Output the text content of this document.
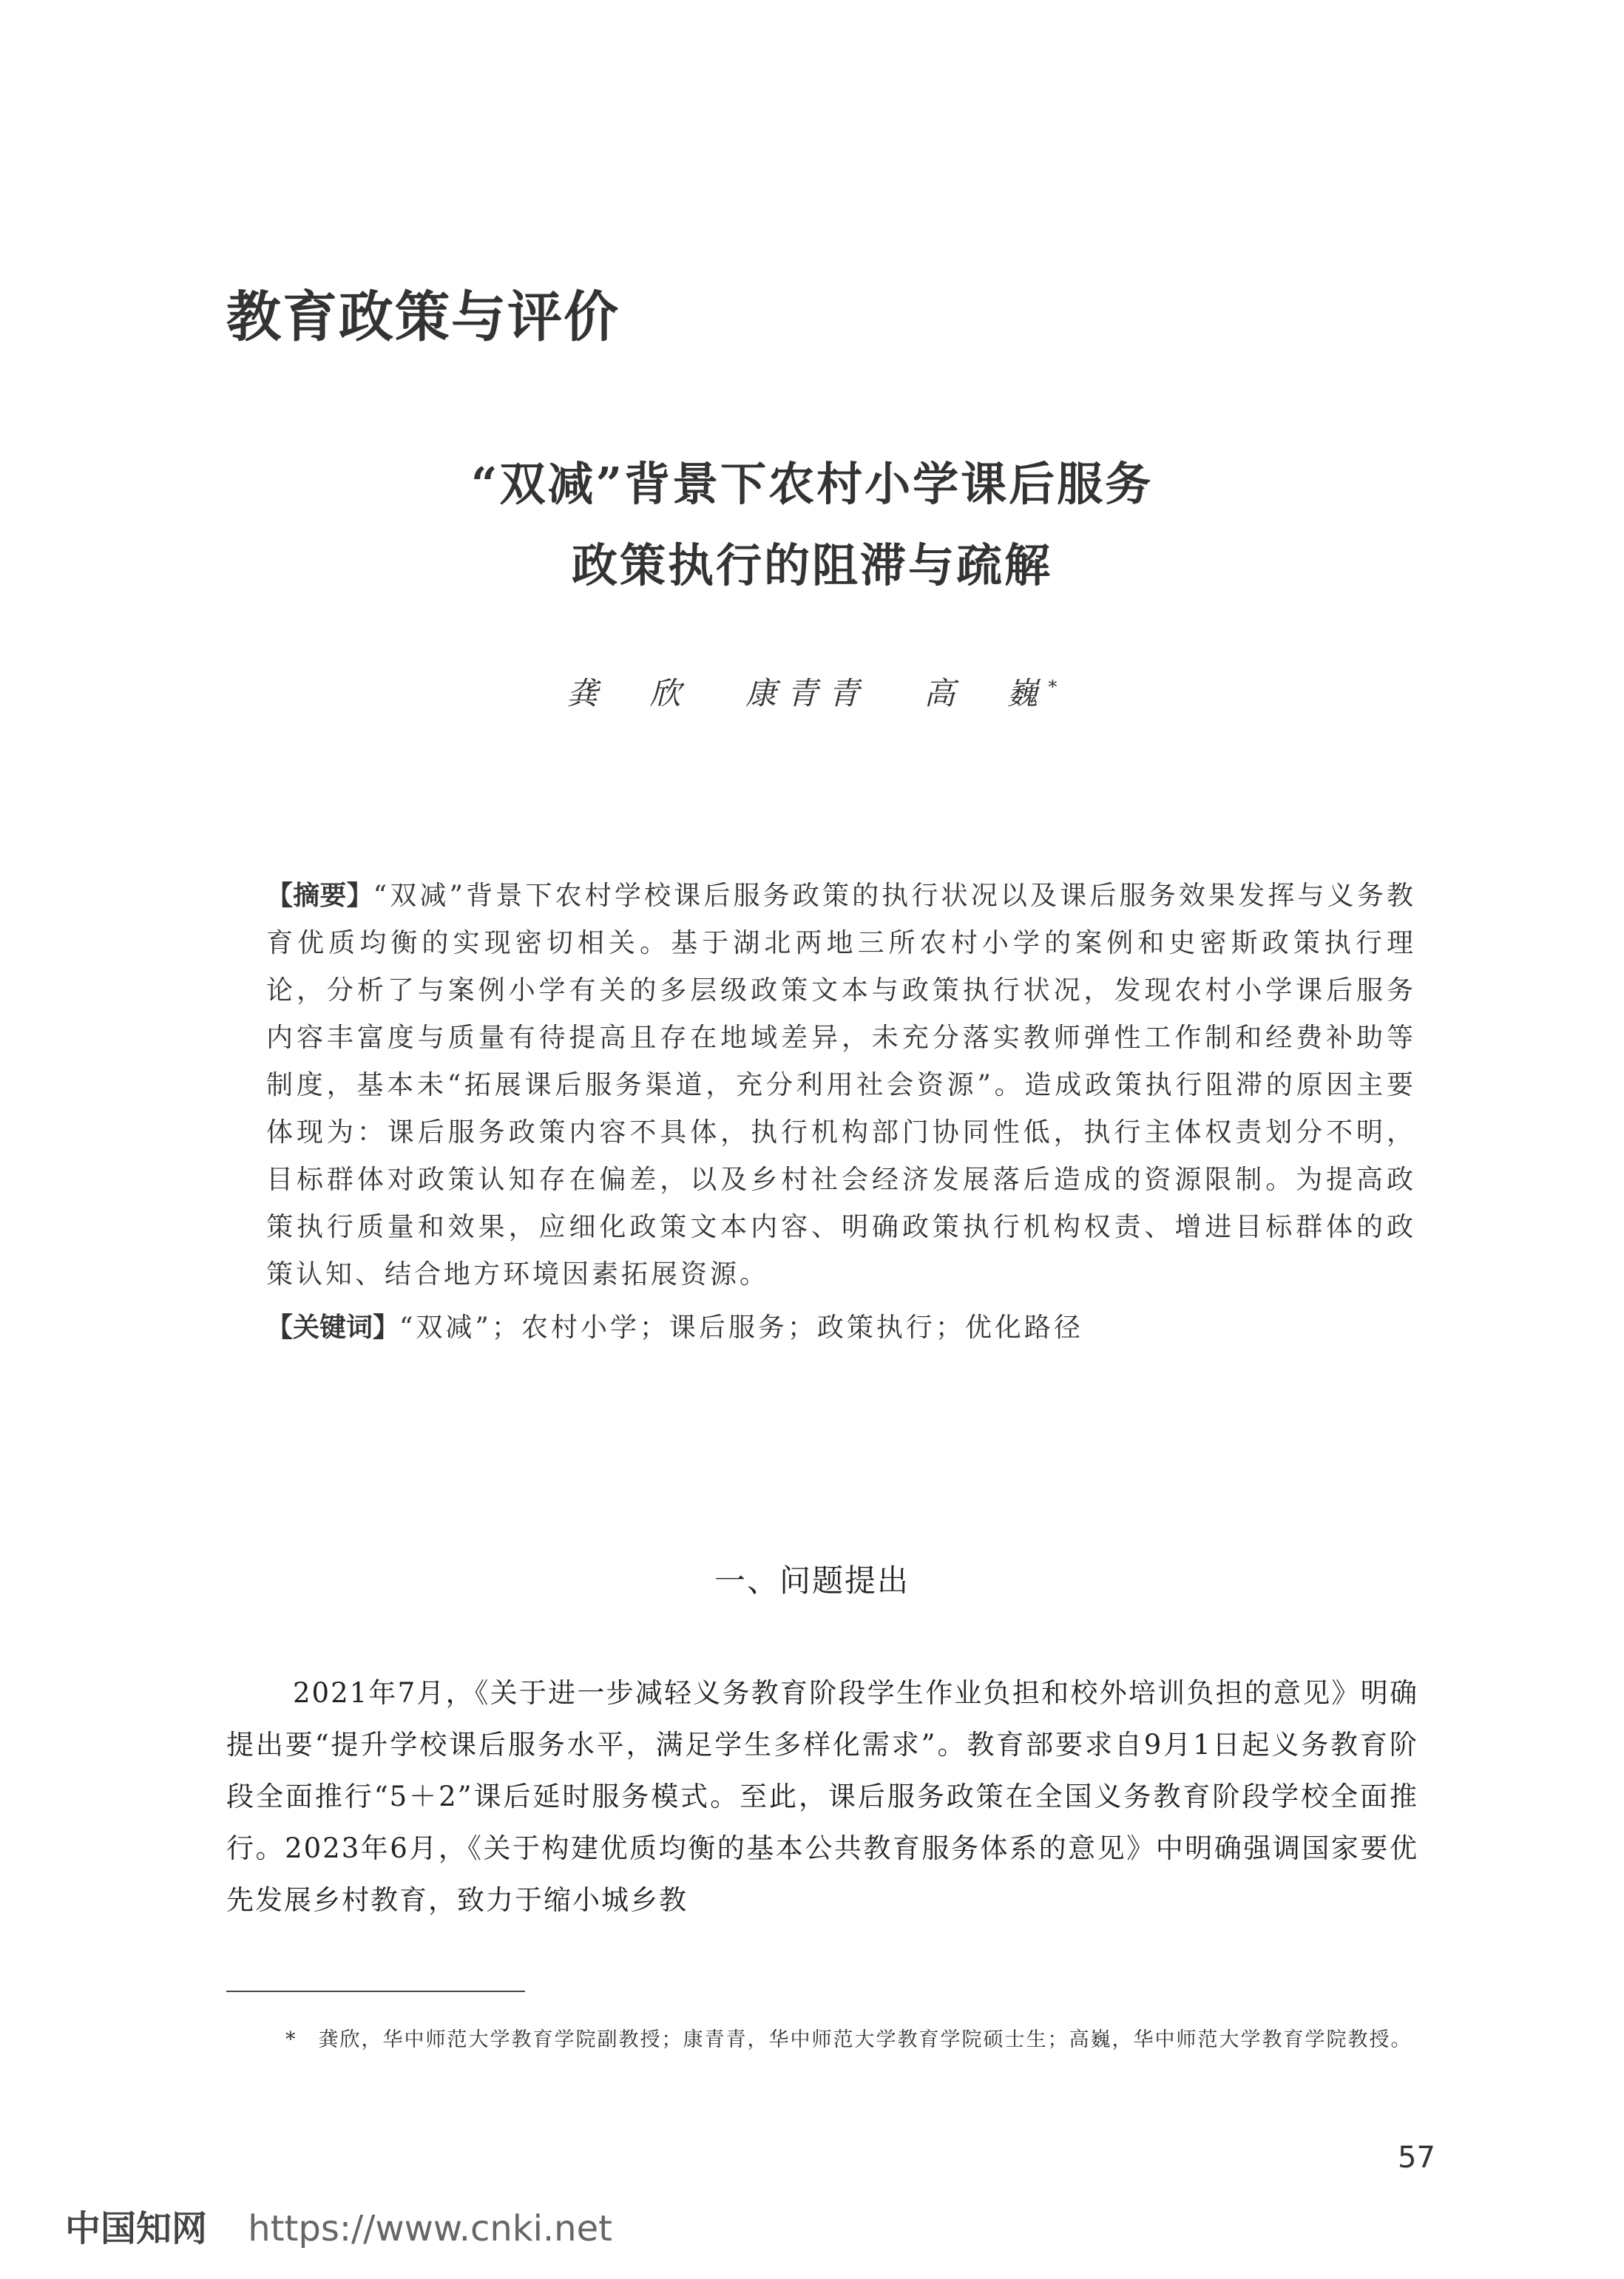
教育政策与评价
“双减”背景下农村小学课后服务
政策执行的阻滞与疏解
龚　欣 康青青 高　巍*

【摘要】“双减”背景下农村学校课后服务政策的执行状况以及课后服务效果发挥与义务教育优质均衡的实现密切相关。基于湖北两地三所农村小学的案例和史密斯政策执行理论，分析了与案例小学有关的多层级政策文本与政策执行状况，发现农村小学课后服务内容丰富度与质量有待提高且存在地域差异，未充分落实教师弹性工作制和经费补助等制度，基本未“拓展课后服务渠道，充分利用社会资源”。造成政策执行阻滞的原因主要体现为：课后服务政策内容不具体，执行机构部门协同性低，执行主体权责划分不明，目标群体对政策认知存在偏差，以及乡村社会经济发展落后造成的资源限制。为提高政策执行质量和效果，应细化政策文本内容、明确政策执行机构权责、增进目标群体的政策认知、结合地方环境因素拓展资源。

【关键词】“双减”；农村小学；课后服务；政策执行；优化路径

一、问题提出

2021年7月，《关于进一步减轻义务教育阶段学生作业负担和校外培训负担的意见》明确提出要“提升学校课后服务水平，满足学生多样化需求”。教育部要求自9月1日起义务教育阶段全面推行“5＋2”课后延时服务模式。至此，课后服务政策在全国义务教育阶段学校全面推行。2023年6月，《关于构建优质均衡的基本公共教育服务体系的意见》中明确强调国家要优先发展乡村教育，致力于缩小城乡教

*　龚欣，华中师范大学教育学院副教授；康青青，华中师范大学教育学院硕士生；高巍，华中师范大学教育学院教授。
57
中国知网 https://www.cnki.net
